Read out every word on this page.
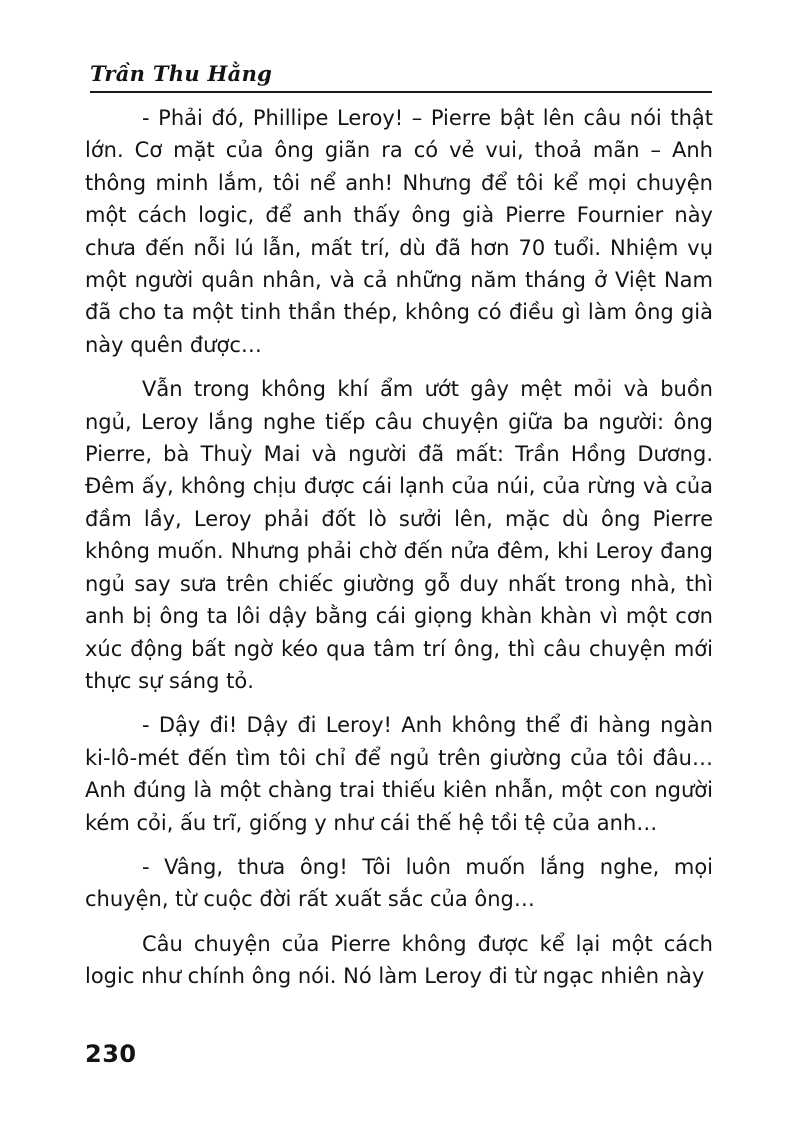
Trần Thu Hằng

- Phải đó, Phillipe Leroy! – Pierre bật lên câu nói thật lớn. Cơ mặt của ông giãn ra có vẻ vui, thoả mãn – Anh thông minh lắm, tôi nể anh! Nhưng để tôi kể mọi chuyện một cách logic, để anh thấy ông già Pierre Fournier này chưa đến nỗi lú lẫn, mất trí, dù đã hơn 70 tuổi. Nhiệm vụ một người quân nhân, và cả những năm tháng ở Việt Nam đã cho ta một tinh thần thép, không có điều gì làm ông già này quên được…

Vẫn trong không khí ẩm ướt gây mệt mỏi và buồn ngủ, Leroy lắng nghe tiếp câu chuyện giữa ba người: ông Pierre, bà Thuỳ Mai và người đã mất: Trần Hồng Dương. Đêm ấy, không chịu được cái lạnh của núi, của rừng và của đầm lầy, Leroy phải đốt lò sưởi lên, mặc dù ông Pierre không muốn. Nhưng phải chờ đến nửa đêm, khi Leroy đang ngủ say sưa trên chiếc giường gỗ duy nhất trong nhà, thì anh bị ông ta lôi dậy bằng cái giọng khàn khàn vì một cơn xúc động bất ngờ kéo qua tâm trí ông, thì câu chuyện mới thực sự sáng tỏ.

- Dậy đi! Dậy đi Leroy! Anh không thể đi hàng ngàn ki-lô-mét đến tìm tôi chỉ để ngủ trên giường của tôi đâu… Anh đúng là một chàng trai thiếu kiên nhẫn, một con người kém cỏi, ấu trĩ, giống y như cái thế hệ tồi tệ của anh…

- Vâng, thưa ông! Tôi luôn muốn lắng nghe, mọi chuyện, từ cuộc đời rất xuất sắc của ông…

Câu chuyện của Pierre không được kể lại một cách logic như chính ông nói. Nó làm Leroy đi từ ngạc nhiên này

230
